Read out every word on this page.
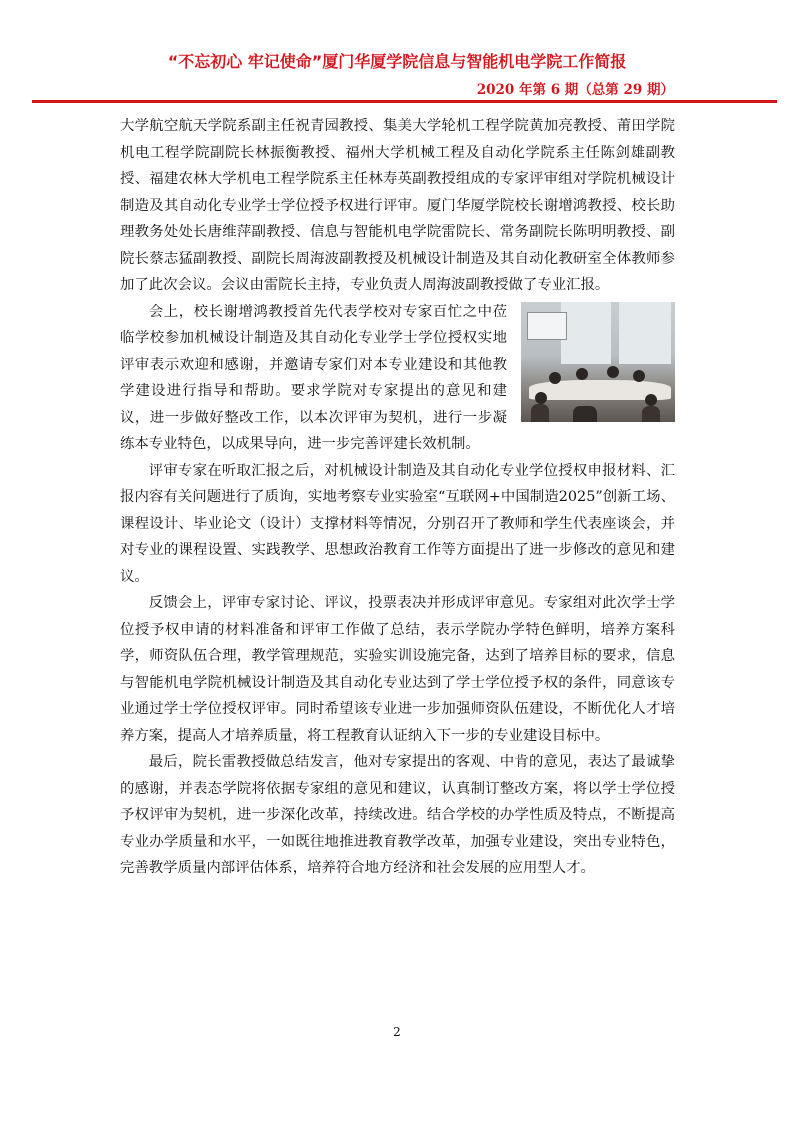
“不忘初心 牢记使命”厦门华厦学院信息与智能机电学院工作简报
2020 年第 6 期（总第 29 期）

大学航空航天学院系副主任祝青园教授、集美大学轮机工程学院黄加亮教授、莆田学院机电工程学院副院长林振衡教授、福州大学机械工程及自动化学院系主任陈剑雄副教授、福建农林大学机电工程学院系主任林寿英副教授组成的专家评审组对学院机械设计制造及其自动化专业学士学位授予权进行评审。厦门华厦学院校长谢增鸿教授、校长助理教务处处长唐维萍副教授、信息与智能机电学院雷院长、常务副院长陈明明教授、副院长蔡志猛副教授、副院长周海波副教授及机械设计制造及其自动化教研室全体教师参加了此次会议。会议由雷院长主持，专业负责人周海波副教授做了专业汇报。

会上，校长谢增鸿教授首先代表学校对专家百忙之中莅临学校参加机械设计制造及其自动化专业学士学位授权实地评审表示欢迎和感谢，并邀请专家们对本专业建设和其他教学建设进行指导和帮助。要求学院对专家提出的意见和建议，进一步做好整改工作，以本次评审为契机，进行一步凝练本专业特色，以成果导向，进一步完善评建长效机制。

评审专家在听取汇报之后，对机械设计制造及其自动化专业学位授权申报材料、汇报内容有关问题进行了质询，实地考察专业实验室“互联网+中国制造2025”创新工场、课程设计、毕业论文（设计）支撑材料等情况，分别召开了教师和学生代表座谈会，并对专业的课程设置、实践教学、思想政治教育工作等方面提出了进一步修改的意见和建议。

反馈会上，评审专家讨论、评议，投票表决并形成评审意见。专家组对此次学士学位授予权申请的材料准备和评审工作做了总结，表示学院办学特色鲜明，培养方案科学，师资队伍合理，教学管理规范，实验实训设施完备，达到了培养目标的要求，信息与智能机电学院机械设计制造及其自动化专业达到了学士学位授予权的条件，同意该专业通过学士学位授权评审。同时希望该专业进一步加强师资队伍建设，不断优化人才培养方案，提高人才培养质量，将工程教育认证纳入下一步的专业建设目标中。

最后，院长雷教授做总结发言，他对专家提出的客观、中肯的意见，表达了最诚挚的感谢，并表态学院将依据专家组的意见和建议，认真制订整改方案，将以学士学位授予权评审为契机，进一步深化改革，持续改进。结合学校的办学性质及特点，不断提高专业办学质量和水平，一如既往地推进教育教学改革，加强专业建设，突出专业特色，完善教学质量内部评估体系，培养符合地方经济和社会发展的应用型人才。

2
